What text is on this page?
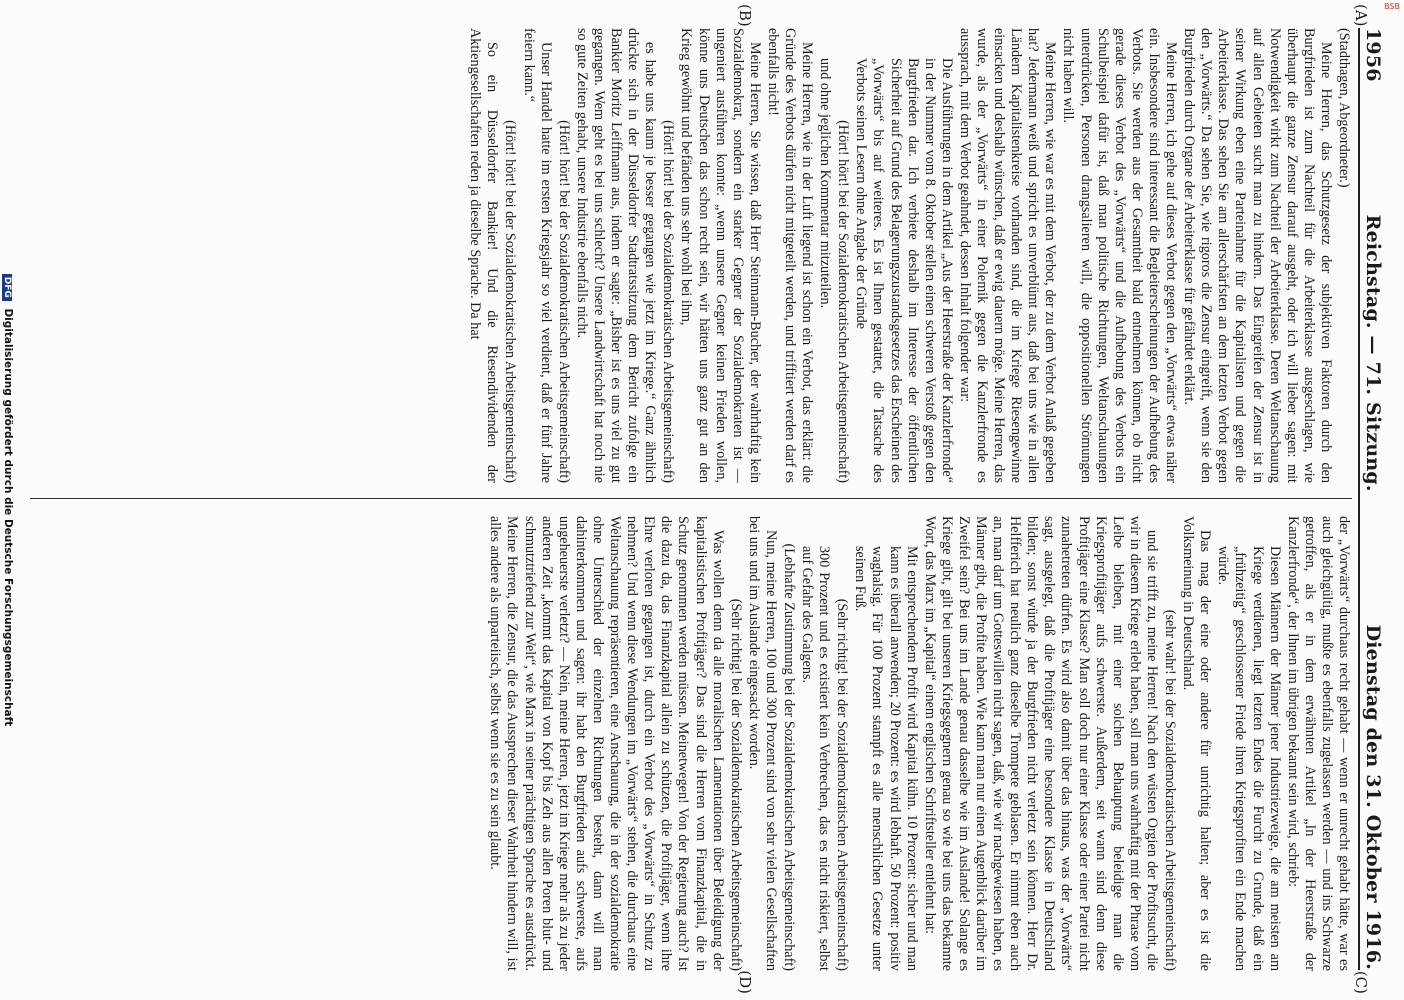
1956
Reichstag. — 71. Sitzung.
Dienstag den 31. Oktober 1916.
(A)
(B)
(C)
(D)

(Stadthagen, Abgeordneter.)

Meine Herren, das Schutzgesetz der subjektiven Faktoren durch den Burgfrieden ist zum Nachteil für die Arbeiterklasse ausgeschlagen, wie überhaupt die ganze Zensur darauf ausgeht, oder ich will lieber sagen: mit Notwendigkeit wirkt zum Nachteil der Arbeiterklasse. Deren Weltanschauung auf allen Gebieten sucht man zu hindern. Das Eingreifen der Zensur ist in seiner Wirkung eben eine Parteinahme für die Kapitalisten und gegen die Arbeiterklasse. Das sehen Sie am allerschärfsten an dem letzten Verbot gegen den „Vorwärts.“ Da sehen Sie, wie rigoros die Zensur eingreift, wenn sie den Burgfrieden durch Organe der Arbeiterklasse für gefährdet erklärt.

Meine Herren, ich gehe auf dieses Verbot gegen den „Vorwärts“ etwas näher ein. Insbesondere sind interessant die Begleiterscheinungen der Aufhebung des Verbots. Sie werden aus der Gesamtheit bald entnehmen können, ob nicht gerade dieses Verbot des „Vorwärts“ und die Aufhebung des Verbots ein Schulbeispiel dafür ist, daß man politische Richtungen, Weltanschauungen unterdrücken, Personen drangsalieren will, die oppositionellen Strömungen nicht haben will.

Meine Herren, wie war es mit dem Verbot, der zu dem Verbot Anlaß gegeben hat? Jedermann weiß und spricht es unverblümt aus, daß bei uns wie in allen Ländern Kapitalistenkreise vorhanden sind, die im Kriege Riesengewinne einsacken und deshalb wünschen, daß er ewig dauern möge. Meine Herren, das wurde, als der „Vorwärts“ in einer Polemik gegen die Kanzlerfronde es aussprach, mit dem Verbot geahndet, dessen Inhalt folgender war:

Die Ausführungen in dem Artikel „Aus der Heerstraße der Kanzlerfronde“ in der Nummer vom 8. Oktober stellen einen schweren Verstoß gegen den Burgfrieden dar. Ich verbiete deshalb im Interesse der öffentlichen Sicherheit auf Grund des Belagerungszustandsgesetzes das Erscheinen des „Vorwärts“ bis auf weiteres. Es ist Ihnen gestattet, die Tatsache des Verbots seinen Lesern ohne Angabe der Gründe

(Hört! hört! bei der Sozialdemokratischen Arbeitsgemeinschaft)

und ohne jeglichen Kommentar mitzuteilen.

Meine Herren, wie in der Luft liegend ist schon ein Verbot, das erklärt: die Gründe des Verbots dürfen nicht mitgeteilt werden, und trifftiert werden darf es ebenfalls nicht!

Meine Herren, Sie wissen, daß Herr Steinmann-Bucher, der wahrhaftig kein Sozialdemokrat, sondern ein starker Gegner der Sozialdemokraten ist — ungeniert ausführen konnte: „wenn unsere Gegner keinen Frieden wollen, könne uns Deutschen das schon recht sein, wir hätten uns ganz gut an den Krieg gewöhnt und befänden uns sehr wohl bei ihm,

(Hört! hört! bei der Sozialdemokratischen Arbeitsgemeinschaft)

es habe uns kaum je besser gegangen wie jetzt im Kriege.“ Ganz ähnlich drückte sich in der Düsseldorfer Stadtratssitzung dem Bericht zufolge ein Bankier Moritz Leiffmann aus, indem er sagte: „Bisher ist es uns viel zu gut gegangen. Wem geht es bei uns schlecht? Unsere Landwirtschaft hat noch nie so gute Zeiten gehabt, unsere Industrie ebenfalls nicht.

(Hört! hört! bei der Sozialdemokratischen Arbeitsgemeinschaft)

Unser Handel hatte im ersten Kriegsjahr so viel verdient, daß er fünf Jahre feiern kann.“

(Hört! hört! bei der Sozialdemokratischen Arbeitsgemeinschaft)

So ein Düsseldorfer Bankier! Und die Riesendividenden der Aktiengesellschaften reden ja dieselbe Sprache. Da hat

der „Vorwärts“ durchaus recht gehabt — wenn er unrecht gehabt hätte, war es auch gleichgültig, mußte es ebenfalls zugelassen werden — und ins Schwarze getroffen, als er in dem erwähnten Artikel „In der Heerstraße der Kanzlerfronde“, der Ihnen im übrigen bekannt sein wird, schrieb:

Diesen Männern der Männer jener Industriezweige, die am meisten am Kriege verdienen, liegt letzten Endes die Furcht zu Grunde, daß ein „frühzeitig“ geschlossener Friede ihren Kriegsprofiten ein Ende machen würde.

Das mag der eine oder andere für unrichtig halten; aber es ist die Volksmeinung in Deutschland.

(sehr wahr! bei der Sozialdemokratischen Arbeitsgemeinschaft)

und sie trifft zu, meine Herren! Nach den wüsten Orgien der Profitsucht, die wir in diesem Kriege erlebt haben, soll man uns wahrhaftig mit der Phrase vom Leibe bleiben, mit einer solchen Behauptung beleidige man die Kriegsprofitjäger aufs schwerste. Außerdem, seit wann sind denn diese Profitjäger eine Klasse? Man soll doch nur einer Klasse oder einer Partei nicht zunahetreten dürfen. Es wird also damit über das hinaus, was der „Vorwärts“ sagt, ausgelegt, daß die Profitjäger eine besondere Klasse in Deutschland bilden; sonst würde ja der Burgfrieden nicht verletzt sein können. Herr Dr. Helfferich hat neulich ganz dieselbe Trompete geblasen. Er nimmt eben auch an, man darf um Gotteswillen nicht sagen, daß, wie wir nachgewiesen haben, es Männer gibt, die Profite haben. Wie kann man nur einen Augenblick darüber im Zweifel sein? Bei uns im Lande genau dasselbe wie im Auslande! Solange es Kriege gibt, gilt bei unseren Kriegsgegnern genau so wie bei uns das bekannte Wort, das Marx im „Kapital“ einem englischen Schriftsteller entlehnt hat:

Mit entsprechendem Profit wird Kapital kühn. 10 Prozent: sicher und man kann es überall anwenden; 20 Prozent: es wird lebhaft. 50 Prozent: positiv waghalsig. Für 100 Prozent stampft es alle menschlichen Gesetze unter seinen Fuß.

(Sehr richtig! bei der Sozialdemokratischen Arbeitsgemeinschaft)

300 Prozent und es existiert kein Verbrechen, das es nicht riskiert, selbst auf Gefahr des Galgens.

(Lebhafte Zustimmung bei der Sozialdemokratischen Arbeitsgemeinschaft)

Nun, meine Herren, 100 und 300 Prozent sind von sehr vielen Gesellschaften bei uns und im Auslande eingesackt worden.

(Sehr richtig! bei der Sozialdemokratischen Arbeitsgemeinschaft)

Was wollen denn da alle moralischen Lamentationen über Beleidigung der kapitalistischen Profitjäger? Das sind die Herren vom Finanzkapital, die in Schutz genommen werden müssen. Meinetwegen! Von der Regierung auch? Ist die dazu da, das Finanzkapital allein zu schützen, die Profitjäger, wenn ihre Ehre verloren gegangen ist, durch ein Verbot des „Vorwärts“ in Schutz zu nehmen? Und wenn diese Wendungen im „Vorwärts“ stehen, die durchaus eine Weltanschauung repräsentieren, eine Anschauung, die in der sozialdemokratie ohne Unterschied der einzelnen Richtungen besteht, dann will man dahinterkommen und sagen: ihr habt den Burgfrieden aufs schwerste, aufs ungeheuerste verletzt? — Nein, meine Herren, jetzt im Kriege mehr als zu jeder anderen Zeit „kommt das Kapital von Kopf bis Zeh aus allen Poren blut- und schmutztriefend zur Welt“, wie Marx in seiner prächtigen Sprache es ausdrückt. Meine Herren, die Zensur, die das Aussprechen dieser Wahrheit hindern will, ist alles andere als unparteiisch, selbst wenn sie es zu sein glaubt.

DFG Digitalisierung gefördert durch die Deutsche Forschungsgemeinschaft
BSB
